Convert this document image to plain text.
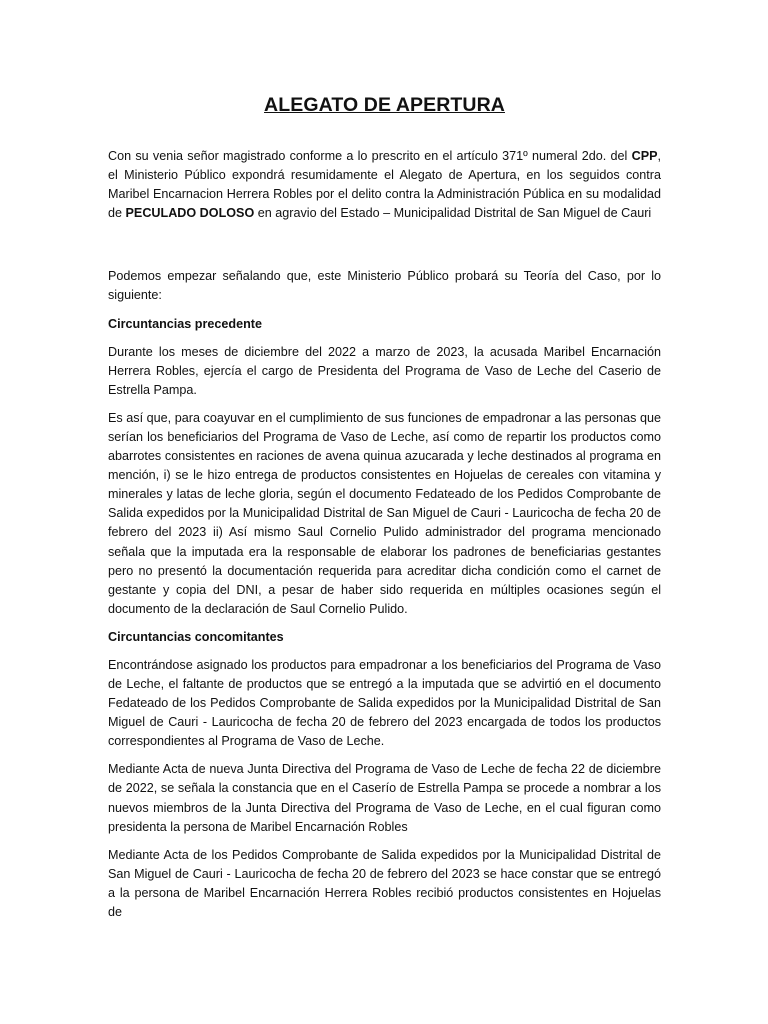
ALEGATO DE APERTURA

Con su venia señor magistrado conforme a lo prescrito en el artículo 371º numeral 2do. del CPP, el Ministerio Público expondrá resumidamente el Alegato de Apertura, en los seguidos contra Maribel Encarnacion Herrera Robles por el delito contra la Administración Pública en su modalidad de PECULADO DOLOSO en agravio del Estado – Municipalidad Distrital de San Miguel de Cauri

Podemos empezar señalando que, este Ministerio Público probará su Teoría del Caso, por lo siguiente:

Circuntancias precedente

Durante los meses de diciembre del 2022 a marzo de 2023, la acusada Maribel Encarnación Herrera Robles, ejercía el cargo de Presidenta del Programa de Vaso de Leche del Caserio de Estrella Pampa.

Es así que, para coayuvar en el cumplimiento de sus funciones de empadronar a las personas que serían los beneficiarios del Programa de Vaso de Leche, así como de repartir los productos como abarrotes consistentes en raciones de avena quinua azucarada y leche destinados al programa en mención, i) se le hizo entrega de productos consistentes en Hojuelas de cereales con vitamina y minerales y latas de leche gloria, según el documento Fedateado de los Pedidos Comprobante de Salida expedidos por la Municipalidad Distrital de San Miguel de Cauri - Lauricocha de fecha 20 de febrero del 2023 ii) Así mismo Saul Cornelio Pulido administrador del programa mencionado señala que la imputada era la responsable de elaborar los padrones de beneficiarias gestantes pero no presentó la documentación requerida para acreditar dicha condición como el carnet de gestante y copia del DNI, a pesar de haber sido requerida en múltiples ocasiones según el documento de la declaración de Saul Cornelio Pulido.

Circuntancias concomitantes

Encontrándose asignado los productos para empadronar a los beneficiarios del Programa de Vaso de Leche, el faltante de productos que se entregó a la imputada que se advirtió en el documento Fedateado de los Pedidos Comprobante de Salida expedidos por la Municipalidad Distrital de San Miguel de Cauri - Lauricocha de fecha 20 de febrero del 2023 encargada de todos los productos correspondientes al Programa de Vaso de Leche.

Mediante Acta de nueva Junta Directiva del Programa de Vaso de Leche de fecha 22 de diciembre de 2022, se señala la constancia que en el Caserío de Estrella Pampa se procede a nombrar a los nuevos miembros de la Junta Directiva del Programa de Vaso de Leche, en el cual figuran como presidenta la persona de Maribel Encarnación Robles

Mediante Acta de los Pedidos Comprobante de Salida expedidos por la Municipalidad Distrital de San Miguel de Cauri - Lauricocha de fecha 20 de febrero del 2023 se hace constar que se entregó a la persona de Maribel Encarnación Herrera Robles recibió productos consistentes en Hojuelas de
